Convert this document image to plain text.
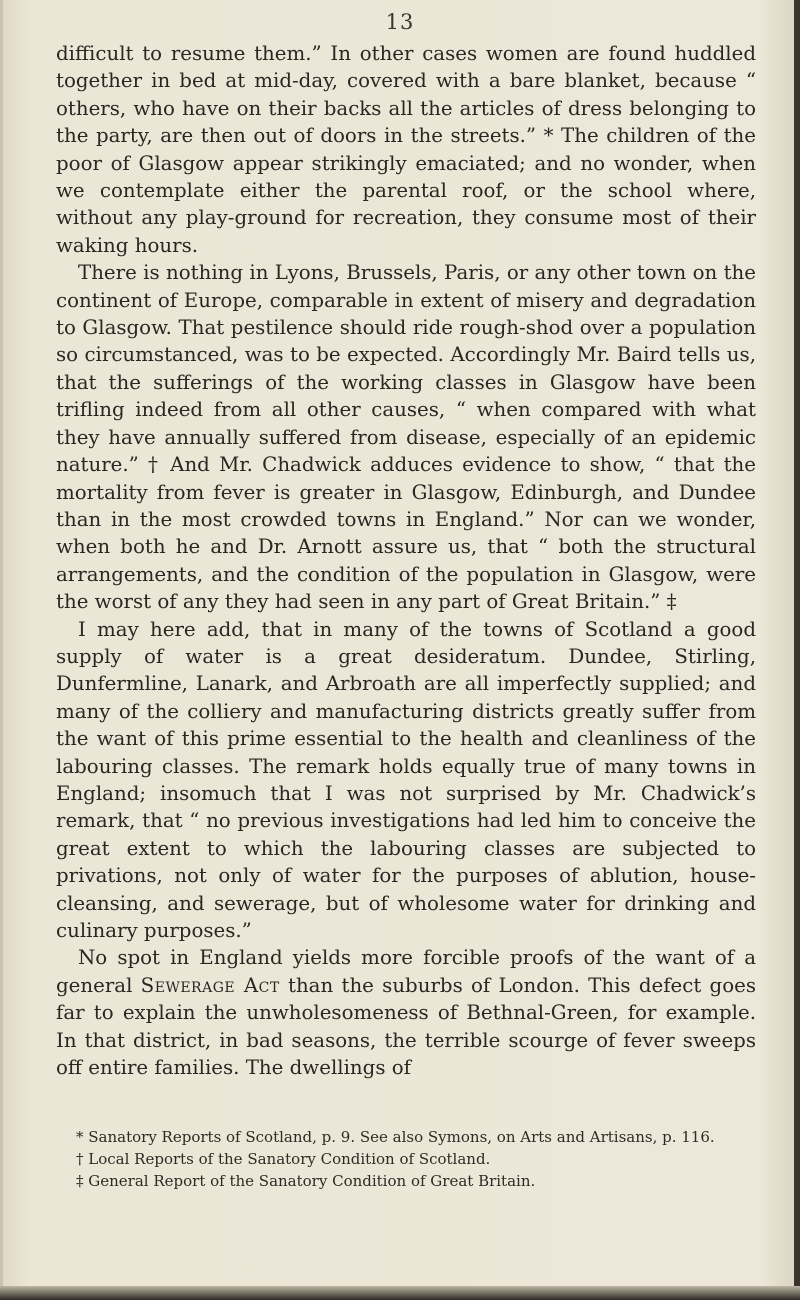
13

difficult to resume them.” In other cases women are found huddled together in bed at mid-day, covered with a bare blanket, because “ others, who have on their backs all the articles of dress belonging to the party, are then out of doors in the streets.” * The children of the poor of Glasgow appear strikingly emaciated; and no wonder, when we contemplate either the parental roof, or the school where, without any play-ground for recreation, they consume most of their waking hours.

There is nothing in Lyons, Brussels, Paris, or any other town on the continent of Europe, comparable in extent of misery and degradation to Glasgow. That pestilence should ride rough-shod over a population so circumstanced, was to be expected. Accordingly Mr. Baird tells us, that the sufferings of the working classes in Glasgow have been trifling indeed from all other causes, “ when compared with what they have annually suffered from disease, especially of an epidemic nature.” † And Mr. Chadwick adduces evidence to show, “ that the mortality from fever is greater in Glasgow, Edinburgh, and Dundee than in the most crowded towns in England.” Nor can we wonder, when both he and Dr. Arnott assure us, that “ both the structural arrangements, and the condition of the population in Glasgow, were the worst of any they had seen in any part of Great Britain.” ‡

I may here add, that in many of the towns of Scotland a good supply of water is a great desideratum. Dundee, Stirling, Dunfermline, Lanark, and Arbroath are all imperfectly supplied; and many of the colliery and manufacturing districts greatly suffer from the want of this prime essential to the health and cleanliness of the labouring classes. The remark holds equally true of many towns in England; insomuch that I was not surprised by Mr. Chadwick’s remark, that “ no previous investigations had led him to conceive the great extent to which the labouring classes are subjected to privations, not only of water for the purposes of ablution, house-cleansing, and sewerage, but of wholesome water for drinking and culinary purposes.”

No spot in England yields more forcible proofs of the want of a general Sewerage Act than the suburbs of London. This defect goes far to explain the unwholesomeness of Bethnal-Green, for example. In that district, in bad seasons, the terrible scourge of fever sweeps off entire families. The dwellings of

* Sanatory Reports of Scotland, p. 9. See also Symons, on Arts and Artisans, p. 116.

† Local Reports of the Sanatory Condition of Scotland.

‡ General Report of the Sanatory Condition of Great Britain.
